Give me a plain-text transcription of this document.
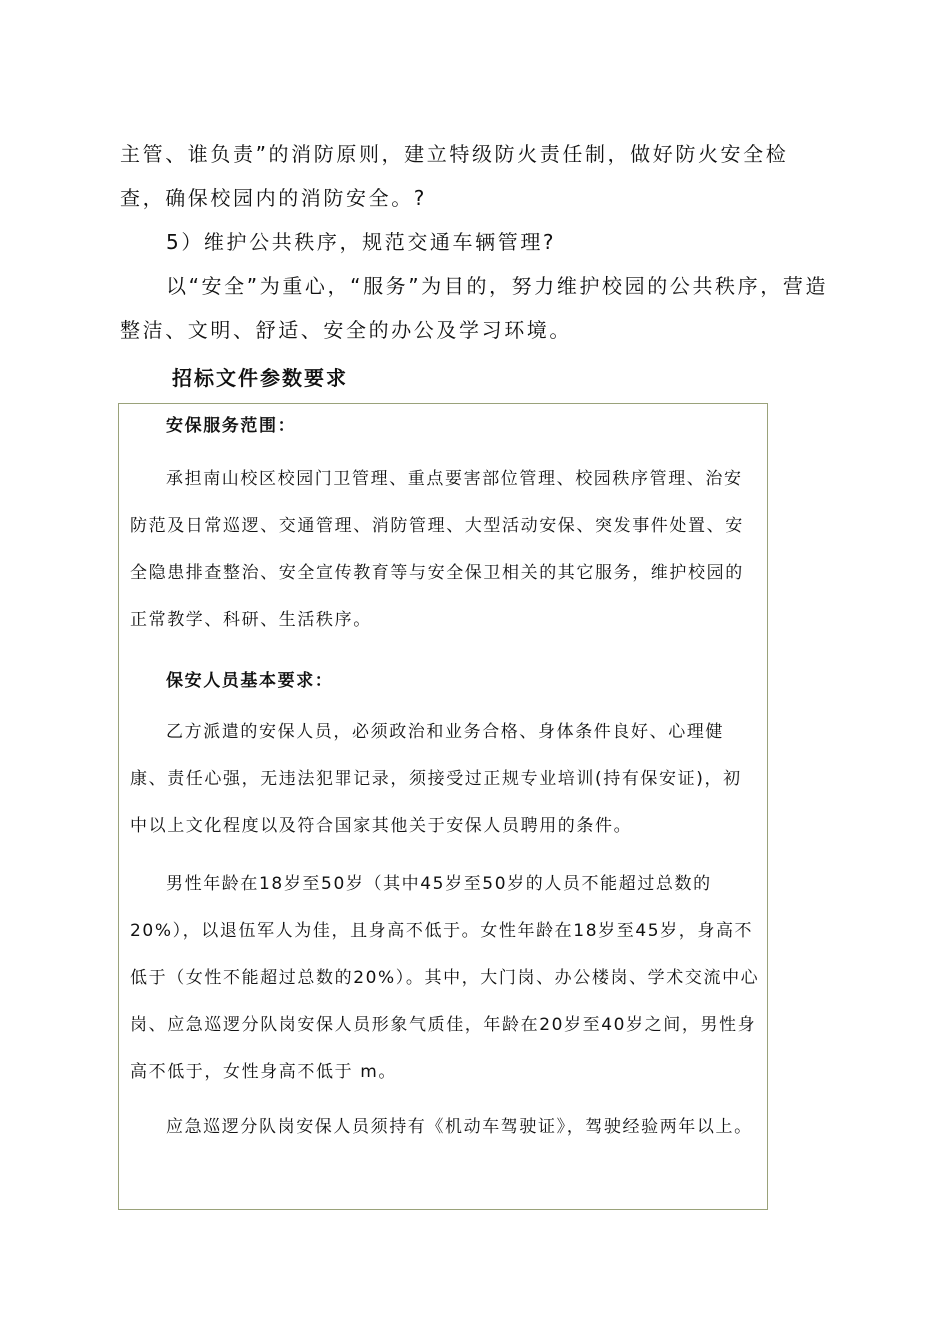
主管、谁负责”的消防原则，建立特级防火责任制，做好防火安全检查，确保校园内的消防安全。?

5）维护公共秩序，规范交通车辆管理?

以“安全”为重心，“服务”为目的，努力维护校园的公共秩序，营造整洁、文明、舒适、安全的办公及学习环境。

招标文件参数要求
安保服务范围：

承担南山校区校园门卫管理、重点要害部位管理、校园秩序管理、治安防范及日常巡逻、交通管理、消防管理、大型活动安保、突发事件处置、安全隐患排查整治、安全宣传教育等与安全保卫相关的其它服务，维护校园的正常教学、科研、生活秩序。

保安人员基本要求：

乙方派遣的安保人员，必须政治和业务合格、身体条件良好、心理健康、责任心强，无违法犯罪记录，须接受过正规专业培训(持有保安证)，初中以上文化程度以及符合国家其他关于安保人员聘用的条件。

男性年龄在18岁至50岁（其中45岁至50岁的人员不能超过总数的20%），以退伍军人为佳，且身高不低于。女性年龄在18岁至45岁，身高不低于（女性不能超过总数的20%）。其中，大门岗、办公楼岗、学术交流中心岗、应急巡逻分队岗安保人员形象气质佳，年龄在20岁至40岁之间，男性身高不低于，女性身高不低于 m。

应急巡逻分队岗安保人员须持有《机动车驾驶证》，驾驶经验两年以上。
